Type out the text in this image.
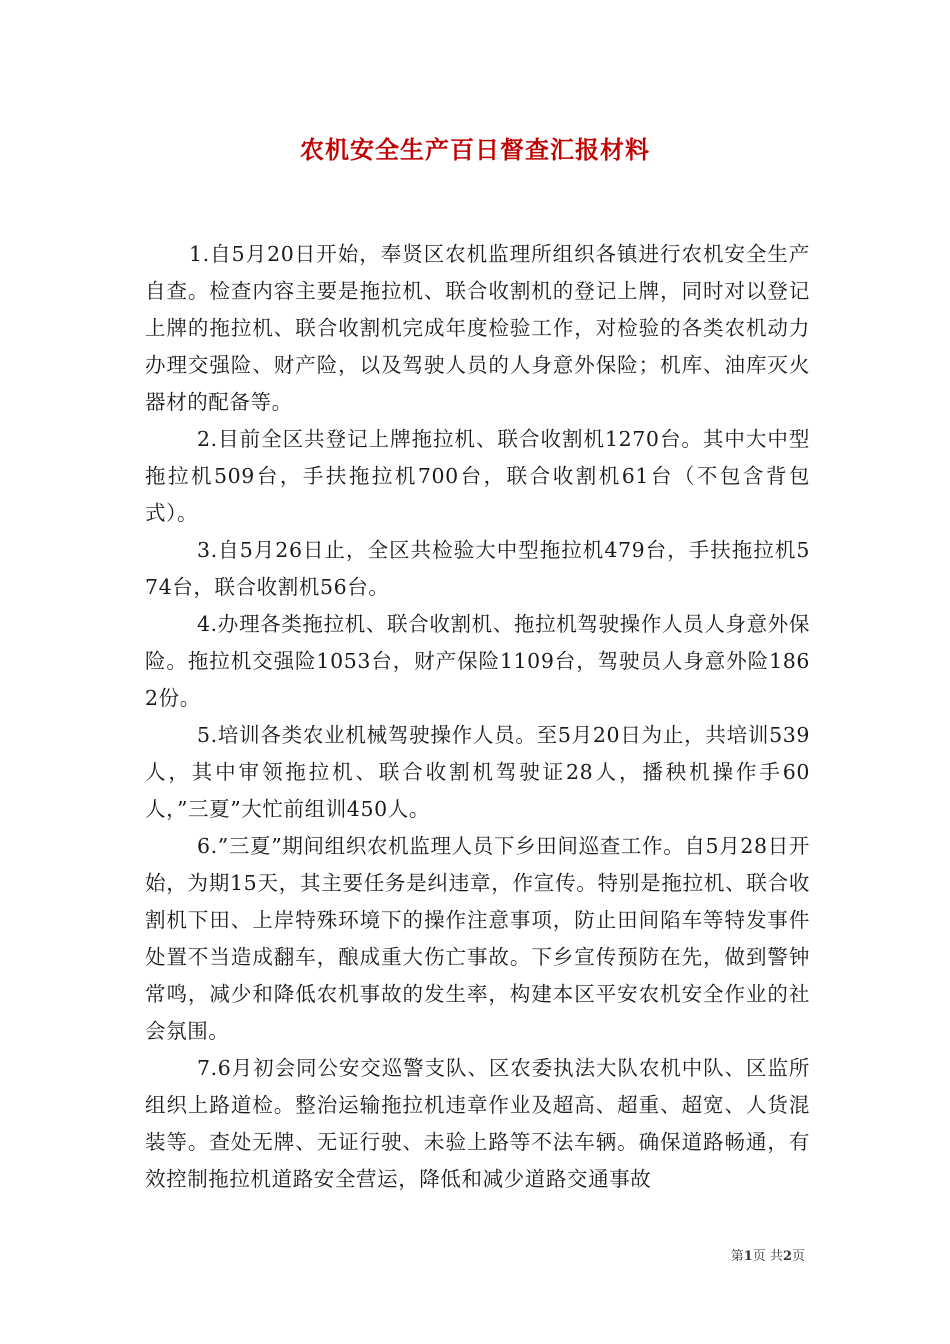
农机安全生产百日督查汇报材料

1.自5月20日开始，奉贤区农机监理所组织各镇进行农机安全生产自查。检查内容主要是拖拉机、联合收割机的登记上牌，同时对以登记上牌的拖拉机、联合收割机完成年度检验工作，对检验的各类农机动力办理交强险、财产险，以及驾驶人员的人身意外保险；机库、油库灭火器材的配备等。

2.目前全区共登记上牌拖拉机、联合收割机1270台。其中大中型拖拉机509台，手扶拖拉机700台，联合收割机61台（不包含背包式）。

3.自5月26日止，全区共检验大中型拖拉机479台，手扶拖拉机574台，联合收割机56台。

4.办理各类拖拉机、联合收割机、拖拉机驾驶操作人员人身意外保险。拖拉机交强险1053台，财产保险1109台，驾驶员人身意外险1862份。

5.培训各类农业机械驾驶操作人员。至5月20日为止，共培训539人，其中审领拖拉机、联合收割机驾驶证28人，播秧机操作手60人，”三夏”大忙前组训450人。

6.”三夏”期间组织农机监理人员下乡田间巡查工作。自5月28日开始，为期15天，其主要任务是纠违章，作宣传。特别是拖拉机、联合收割机下田、上岸特殊环境下的操作注意事项，防止田间陷车等特发事件处置不当造成翻车，酿成重大伤亡事故。下乡宣传预防在先，做到警钟常鸣，减少和降低农机事故的发生率，构建本区平安农机安全作业的社会氛围。

7.6月初会同公安交巡警支队、区农委执法大队农机中队、区监所组织上路道检。整治运输拖拉机违章作业及超高、超重、超宽、人货混装等。查处无牌、无证行驶、未验上路等不法车辆。确保道路畅通，有效控制拖拉机道路安全营运，降低和减少道路交通事故

第1页 共2页
